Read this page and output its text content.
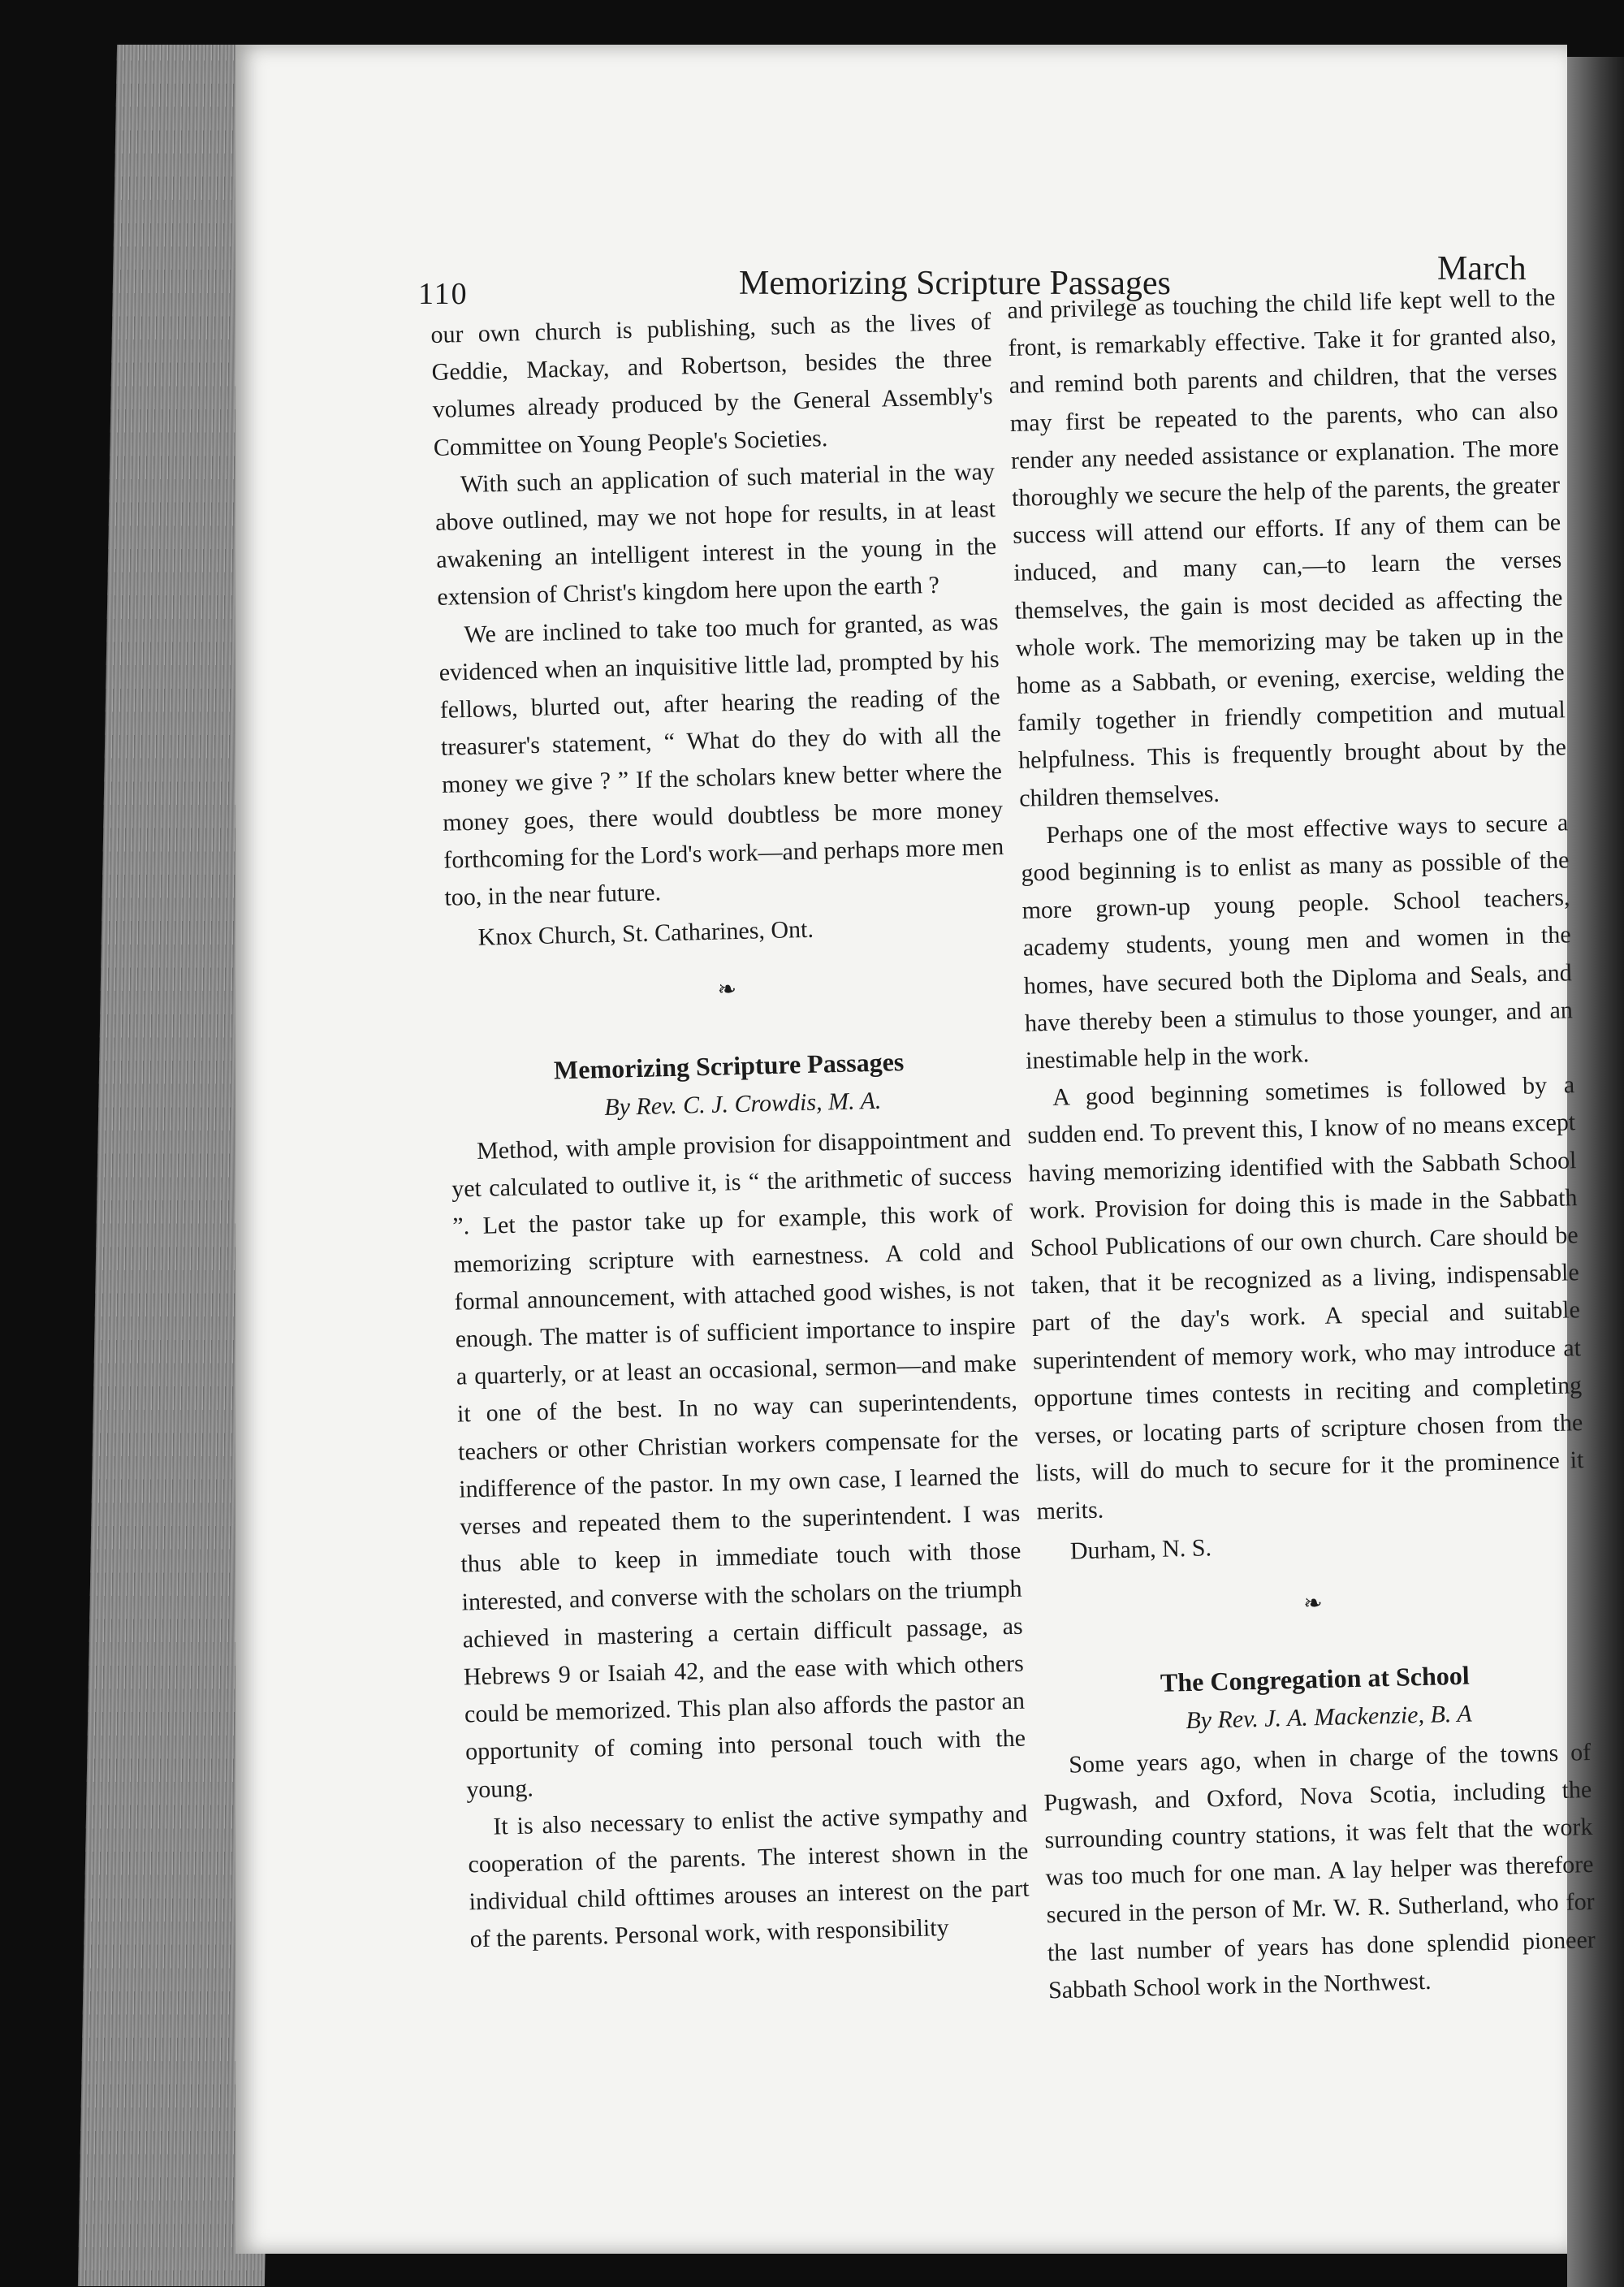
110	Memorizing Scripture Passages	March

our own church is publishing, such as the lives of Geddie, Mackay, and Robertson, besides the three volumes already produced by the General Assembly's Committee on Young People's Societies.

With such an application of such material in the way above outlined, may we not hope for results, in at least awakening an intelligent interest in the young in the extension of Christ's kingdom here upon the earth ?

We are inclined to take too much for granted, as was evidenced when an inquisitive little lad, prompted by his fellows, blurted out, after hearing the reading of the treasurer's statement, “ What do they do with all the money we give ? ” If the scholars knew better where the money goes, there would doubtless be more money forthcoming for the Lord's work—and perhaps more men too, in the near future.

Knox Church, St. Catharines, Ont.

❧
Memorizing Scripture Passages

By Rev. C. J. Crowdis, M. A.

Method, with ample provision for disappointment and yet calculated to outlive it, is “ the arithmetic of success ”. Let the pastor take up for example, this work of memorizing scripture with earnestness. A cold and formal announcement, with attached good wishes, is not enough. The matter is of sufficient importance to inspire a quarterly, or at least an occasional, sermon—and make it one of the best. In no way can superintendents, teachers or other Christian workers compensate for the indifference of the pastor. In my own case, I learned the verses and repeated them to the superintendent. I was thus able to keep in immediate touch with those interested, and converse with the scholars on the triumph achieved in mastering a certain difficult passage, as Hebrews 9 or Isaiah 42, and the ease with which others could be memorized. This plan also affords the pastor an opportunity of coming into personal touch with the young.

It is also necessary to enlist the active sympathy and cooperation of the parents. The interest shown in the individual child ofttimes arouses an interest on the part of the parents. Personal work, with responsibility

and privilege as touching the child life kept well to the front, is remarkably effective. Take it for granted also, and remind both parents and children, that the verses may first be repeated to the parents, who can also render any needed assistance or explanation. The more thoroughly we secure the help of the parents, the greater success will attend our efforts. If any of them can be induced, and many can,—to learn the verses themselves, the gain is most decided as affecting the whole work. The memorizing may be taken up in the home as a Sabbath, or evening, exercise, welding the family together in friendly competition and mutual helpfulness. This is frequently brought about by the children themselves.

Perhaps one of the most effective ways to secure a good beginning is to enlist as many as possible of the more grown-up young people. School teachers, academy students, young men and women in the homes, have secured both the Diploma and Seals, and have thereby been a stimulus to those younger, and an inestimable help in the work.

A good beginning sometimes is followed by a sudden end. To prevent this, I know of no means except having memorizing identified with the Sabbath School work. Provision for doing this is made in the Sabbath School Publications of our own church. Care should be taken, that it be recognized as a living, indispensable part of the day's work. A special and suitable superintendent of memory work, who may introduce at opportune times contests in reciting and completing verses, or locating parts of scripture chosen from the lists, will do much to secure for it the prominence it merits.

Durham, N. S.

❧
The Congregation at School

By Rev. J. A. Mackenzie, B. A

Some years ago, when in charge of the towns of Pugwash, and Oxford, Nova Scotia, including the surrounding country stations, it was felt that the work was too much for one man. A lay helper was therefore secured in the person of Mr. W. R. Sutherland, who for the last number of years has done splendid pioneer Sabbath School work in the Northwest.
